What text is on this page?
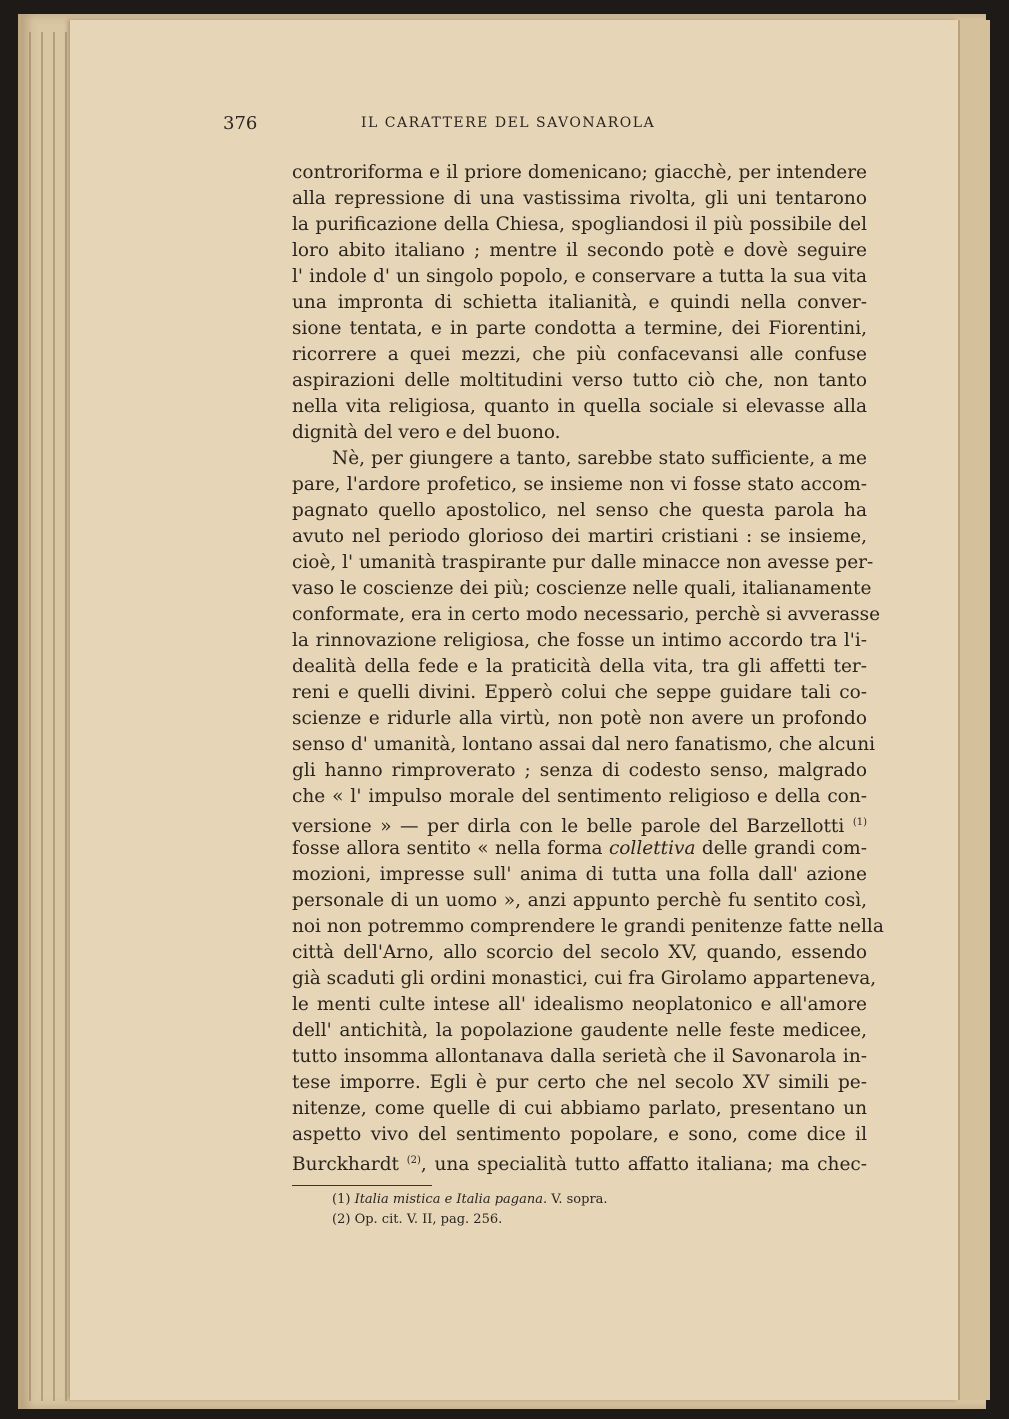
376	IL CARATTERE DEL SAVONAROLA
controriforma e il priore domenicano; giacchè, per intendere
alla repressione di una vastissima rivolta, gli uni tentarono
la purificazione della Chiesa, spogliandosi il più possibile del
loro abito italiano ; mentre il secondo potè e dovè seguire
l' indole d' un singolo popolo, e conservare a tutta la sua vita
una impronta di schietta italianità, e quindi nella conver-
sione tentata, e in parte condotta a termine, dei Fiorentini,
ricorrere a quei mezzi, che più confacevansi alle confuse
aspirazioni delle moltitudini verso tutto ciò che, non tanto
nella vita religiosa, quanto in quella sociale si elevasse alla
dignità del vero e del buono.
Nè, per giungere a tanto, sarebbe stato sufficiente, a me
pare, l'ardore profetico, se insieme non vi fosse stato accom-
pagnato quello apostolico, nel senso che questa parola ha
avuto nel periodo glorioso dei martiri cristiani : se insieme,
cioè, l' umanità traspirante pur dalle minacce non avesse per-
vaso le coscienze dei più; coscienze nelle quali, italianamente
conformate, era in certo modo necessario, perchè si avverasse
la rinnovazione religiosa, che fosse un intimo accordo tra l'i-
dealità della fede e la praticità della vita, tra gli affetti ter-
reni e quelli divini. Epperò colui che seppe guidare tali co-
scienze e ridurle alla virtù, non potè non avere un profondo
senso d' umanità, lontano assai dal nero fanatismo, che alcuni
gli hanno rimproverato ; senza di codesto senso, malgrado
che « l' impulso morale del sentimento religioso e della con-
versione » — per dirla con le belle parole del Barzellotti $^{(1)}$
fosse allora sentito « nella forma collettiva delle grandi com-
mozioni, impresse sull' anima di tutta una folla dall' azione
personale di un uomo », anzi appunto perchè fu sentito così,
noi non potremmo comprendere le grandi penitenze fatte nella
città dell'Arno, allo scorcio del secolo XV, quando, essendo
già scaduti gli ordini monastici, cui fra Girolamo apparteneva,
le menti culte intese all' idealismo neoplatonico e all'amore
dell' antichità, la popolazione gaudente nelle feste medicee,
tutto insomma allontanava dalla serietà che il Savonarola in-
tese imporre. Egli è pur certo che nel secolo XV simili pe-
nitenze, come quelle di cui abbiamo parlato, presentano un
aspetto vivo del sentimento popolare, e sono, come dice il
Burckhardt $^{(2)}$, una specialità tutto affatto italiana; ma chec-
(1) Italia mistica e Italia pagana. V. sopra.
(2) Op. cit. V. II, pag. 256.
